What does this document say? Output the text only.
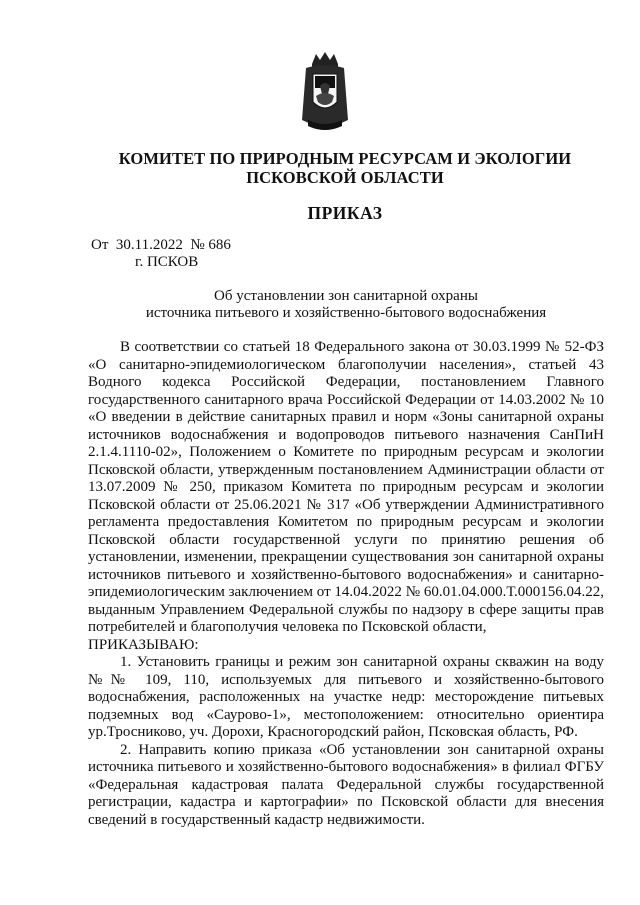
КОМИТЕТ ПО ПРИРОДНЫМ РЕСУРСАМ И ЭКОЛОГИИ
ПСКОВСКОЙ ОБЛАСТИ
ПРИКАЗ
От  30.11.2022  № 686
г. ПСКОВ
Об установлении зон санитарной охраны
источника питьевого и хозяйственно-бытового водоснабжения

В соответствии со статьей 18 Федерального закона от 30.03.1999 № 52-ФЗ «О санитарно-эпидемиологическом благополучии населения», статьей 43 Водного кодекса Российской Федерации, постановлением Главного государственного санитарного врача Российской Федерации от 14.03.2002 № 10 «О введении в действие санитарных правил и норм «Зоны санитарной охраны источников водоснабжения и водопроводов питьевого назначения СанПиН 2.1.4.1110-02», Положением о Комитете по природным ресурсам и экологии Псковской области, утвержденным постановлением Администрации области от 13.07.2009 № 250, приказом Комитета по природным ресурсам и экологии Псковской области от 25.06.2021 № 317 «Об утверждении Административного регламента предоставления Комитетом по природным ресурсам и экологии Псковской области государственной услуги по принятию решения об установлении, изменении, прекращении существования зон санитарной охраны источников питьевого и хозяйственно-бытового водоснабжения» и санитарно-эпидемиологическим заключением от 14.04.2022 № 60.01.04.000.Т.000156.04.22, выданным Управлением Федеральной службы по надзору в сфере защиты прав потребителей и благополучия человека по Псковской области,

ПРИКАЗЫВАЮ:

1. Установить границы и режим зон санитарной охраны скважин на воду №№ 109, 110, используемых для питьевого и хозяйственно-бытового водоснабжения, расположенных на участке недр: месторождение питьевых подземных вод «Саурово-1», местоположением: относительно ориентира ур.Тросниково, уч. Дорохи, Красногородский район, Псковская область, РФ.

2. Направить копию приказа «Об установлении зон санитарной охраны источника питьевого и хозяйственно-бытового водоснабжения» в филиал ФГБУ «Федеральная кадастровая палата Федеральной службы государственной регистрации, кадастра и картографии» по Псковской области для внесения сведений в государственный кадастр недвижимости.
